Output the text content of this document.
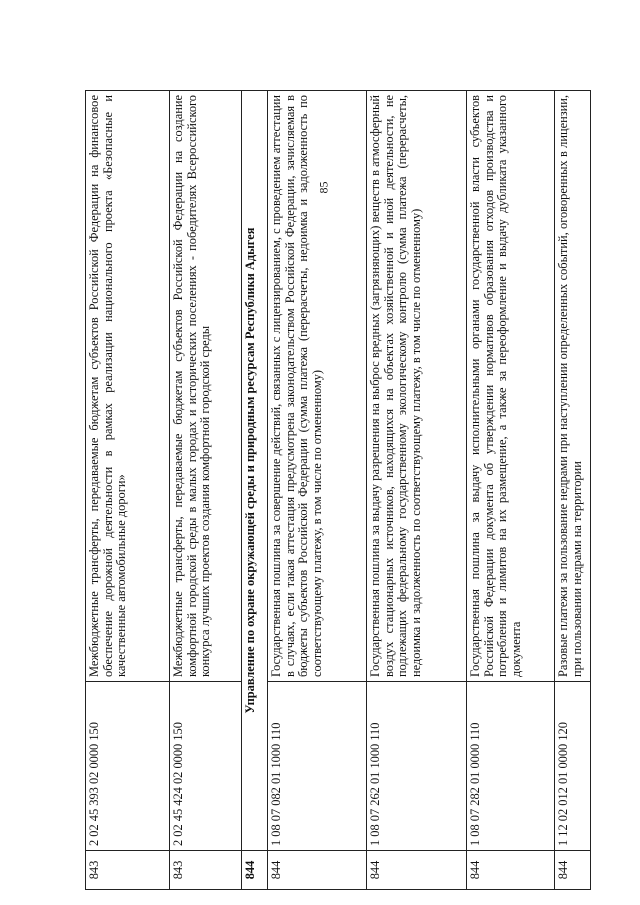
85
843	2 02 45 393 02 0000 150	Межбюджетные трансферты, передаваемые бюджетам субъектов Российской Федерации на финансовое обеспечение дорожной деятельности в рамках реализации национального проекта «Безопасные и качественные автомобильные дороги»
843	2 02 45 424 02 0000 150	Межбюджетные трансферты, передаваемые бюджетам субъектов Российской Федерации на создание комфортной городской среды в малых городах и исторических поселениях - победителях Всероссийского конкурса лучших проектов создания комфортной городской среды
844	Управление по охране окружающей среды и природным ресурсам Республики Адыгея	
844	1 08 07 082 01 1000 110	Государственная пошлина за совершение действий, связанных с лицензированием, с проведением аттестации в случаях, если такая аттестация предусмотрена законодательством Российской Федерации, зачисляемая в бюджеты субъектов Российской Федерации (сумма платежа (перерасчеты, недоимка и задолженность по соответствующему платежу, в том числе по отмененному)
844	1 08 07 262 01 1000 110	Государственная пошлина за выдачу разрешения на выброс вредных (загрязняющих) веществ в атмосферный воздух стационарных источников, находящихся на объектах хозяйственной и иной деятельности, не подлежащих федеральному государственному экологическому контролю (сумма платежа (перерасчеты, недоимка и задолженность по соответствующему платежу, в том числе по отмененному)
844	1 08 07 282 01 0000 110	Государственная пошлина за выдачу исполнительными органами государственной власти субъектов Российской Федерации документа об утверждении нормативов образования отходов производства и потребления и лимитов на их размещение, а также за переоформление и выдачу дубликата указанного документа
844	1 12 02 012 01 0000 120	Разовые платежи за пользование недрами при наступлении определенных событий, оговоренных в лицензии, при пользовании недрами на территории
